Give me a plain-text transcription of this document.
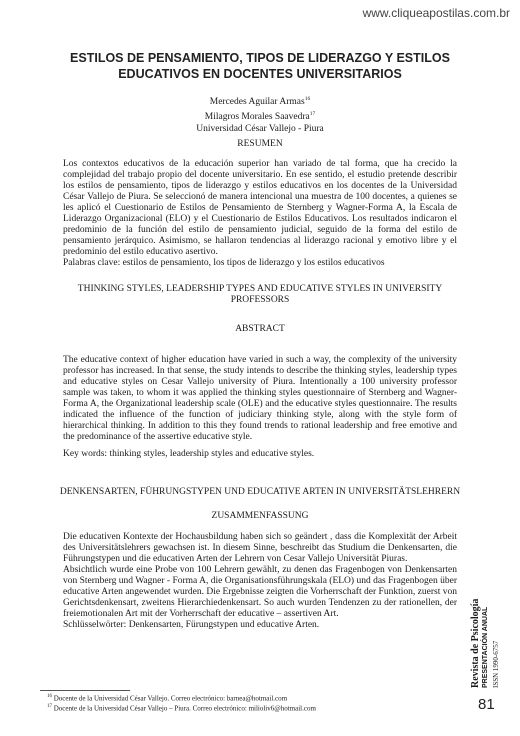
www.cliqueapostilas.com.br
ESTILOS DE PENSAMIENTO, TIPOS DE LIDERAZGO Y ESTILOS
EDUCATIVOS EN DOCENTES UNIVERSITARIOS
Mercedes Aguilar Armas$^{16}$
Milagros Morales Saavedra$^{17}$
Universidad César Vallejo - Piura
RESUMEN

Los contextos educativos de la educación superior han variado de tal forma, que ha crecido la complejidad del trabajo propio del docente universitario. En ese sentido, el estudio pretende describir los estilos de pensamiento, tipos de liderazgo y estilos educativos en los docentes de la Universidad César Vallejo de Piura. Se seleccionó de manera intencional una muestra de 100 docentes, a quienes se les aplicó el Cuestionario de Estilos de Pensamiento de Sternberg y Wagner-Forma A, la Escala de Liderazgo Organizacional (ELO) y el Cuestionario de Estilos Educativos. Los resultados indicaron el predominio de la función del estilo de pensamiento judicial, seguido de la forma del estilo de pensamiento jerárquico. Asimismo, se hallaron tendencias al liderazgo racional y emotivo libre y el predominio del estilo educativo asertivo.

Palabras clave: estilos de pensamiento, los tipos de liderazgo y los estilos educativos

THINKING STYLES, LEADERSHIP TYPES AND EDUCATIVE STYLES IN UNIVERSITY
PROFESSORS
ABSTRACT

The educative context of higher education have varied in such a way, the complexity of the university professor has increased. In that sense, the study intends to describe the thinking styles, leadership types and educative styles on Cesar Vallejo university of Piura. Intentionally a 100 university professor sample was taken, to whom it was applied the thinking styles questionnaire of Sternberg and Wagner- Forma A, the Organizational leadership scale (OLE) and the educative styles questionnaire. The results indicated the influence of the function of judiciary thinking style, along with the style form of hierarchical thinking. In addition to this they found trends to rational leadership and free emotive and the predominance of the assertive educative style.

Key words: thinking styles, leadership styles and educative styles.

DENKENSARTEN, FÜHRUNGSTYPEN UND EDUCATIVE ARTEN IN UNIVERSITÄTSLEHRERN
ZUSAMMENFASSUNG

Die educativen Kontexte der Hochausbildung haben sich so geändert , dass die Komplexität der Arbeit des Universitätslehrers gewachsen ist. In diesem Sinne, beschreibt das Studium die Denkensarten, die Führungstypen und die educativen Arten der Lehrern von Cesar Vallejo Universität Piuras.

Absichtlich wurde eine Probe von 100 Lehrern gewählt, zu denen das Fragenbogen von Denkensarten von Sternberg und Wagner - Forma A, die Organisationsführungskala (ELO) und das Fragenbogen über educative Arten angewendet wurden. Die Ergebnisse zeigten die Vorherrschaft der Funktion, zuerst von Gerichtsdenkensart, zweitens Hierarchiedenkensart. So auch wurden Tendenzen zu der rationellen, der freiemotionalen Art mit der Vorherrschaft der educative – assertiven Art.

Schlüsselwörter: Denkensarten, Fürungstypen und educative Arten.	Revista de Psicología PRESENTACIÓN ANUAL ISSN 1990-6757
$^{16}$ Docente de la Universidad César Vallejo. Correo electrónico: barnea@hotmail.com
$^{17}$ Docente de la Universidad César Vallejo – Piura. Correo electrónico: milioliv6@hotmail.com	81
